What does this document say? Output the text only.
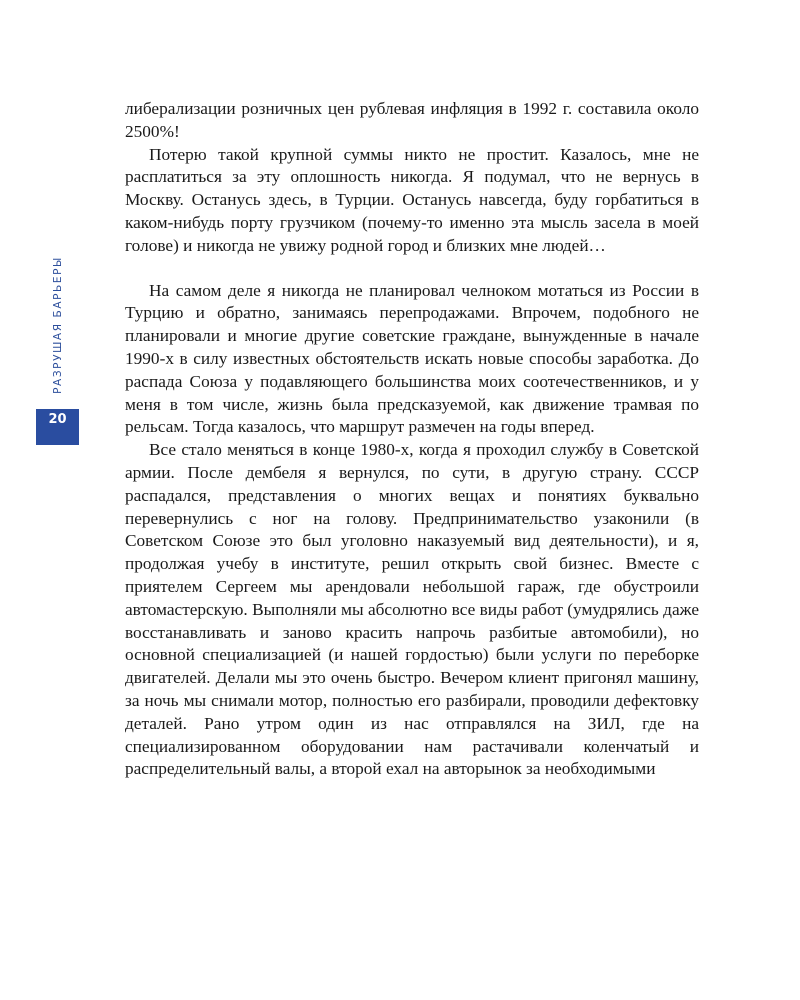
РАЗРУШАЯ БАРЬЕРЫ
20

либерализации розничных цен рублевая инфляция в 1992 г. составила около 2500%!

Потерю такой крупной суммы никто не простит. Казалось, мне не расплатиться за эту оплошность никогда. Я подумал, что не вернусь в Москву. Останусь здесь, в Турции. Останусь навсегда, буду горбатиться в каком-нибудь порту грузчиком (почему-то именно эта мысль засела в моей голове) и никогда не увижу родной город и близких мне людей…

На самом деле я никогда не планировал челноком мотаться из России в Турцию и обратно, занимаясь перепродажами. Впрочем, подобного не планировали и многие другие советские граждане, вынужденные в начале 1990-х в силу известных обстоятельств искать новые способы заработка. До распада Союза у подавляющего большинства моих соотечественников, и у меня в том числе, жизнь была предсказуемой, как движение трамвая по рельсам. Тогда казалось, что маршрут размечен на годы вперед.

Все стало меняться в конце 1980-х, когда я проходил службу в Советской армии. После дембеля я вернулся, по сути, в другую страну. СССР распадался, представления о многих вещах и понятиях буквально перевернулись с ног на голову. Предпринимательство узаконили (в Советском Союзе это был уголовно наказуемый вид деятельности), и я, продолжая учебу в институте, решил открыть свой бизнес. Вместе с приятелем Сергеем мы арендовали небольшой гараж, где обустроили автомастерскую. Выполняли мы абсолютно все виды работ (умудрялись даже восстанавливать и заново красить напрочь разбитые автомобили), но основной специализацией (и нашей гордостью) были услуги по переборке двигателей. Делали мы это очень быстро. Вечером клиент пригонял машину, за ночь мы снимали мотор, полностью его разбирали, проводили дефектовку деталей. Рано утром один из нас отправлялся на ЗИЛ, где на специализированном оборудовании нам растачивали коленчатый и распределительный валы, а второй ехал на авторынок за необходимыми
